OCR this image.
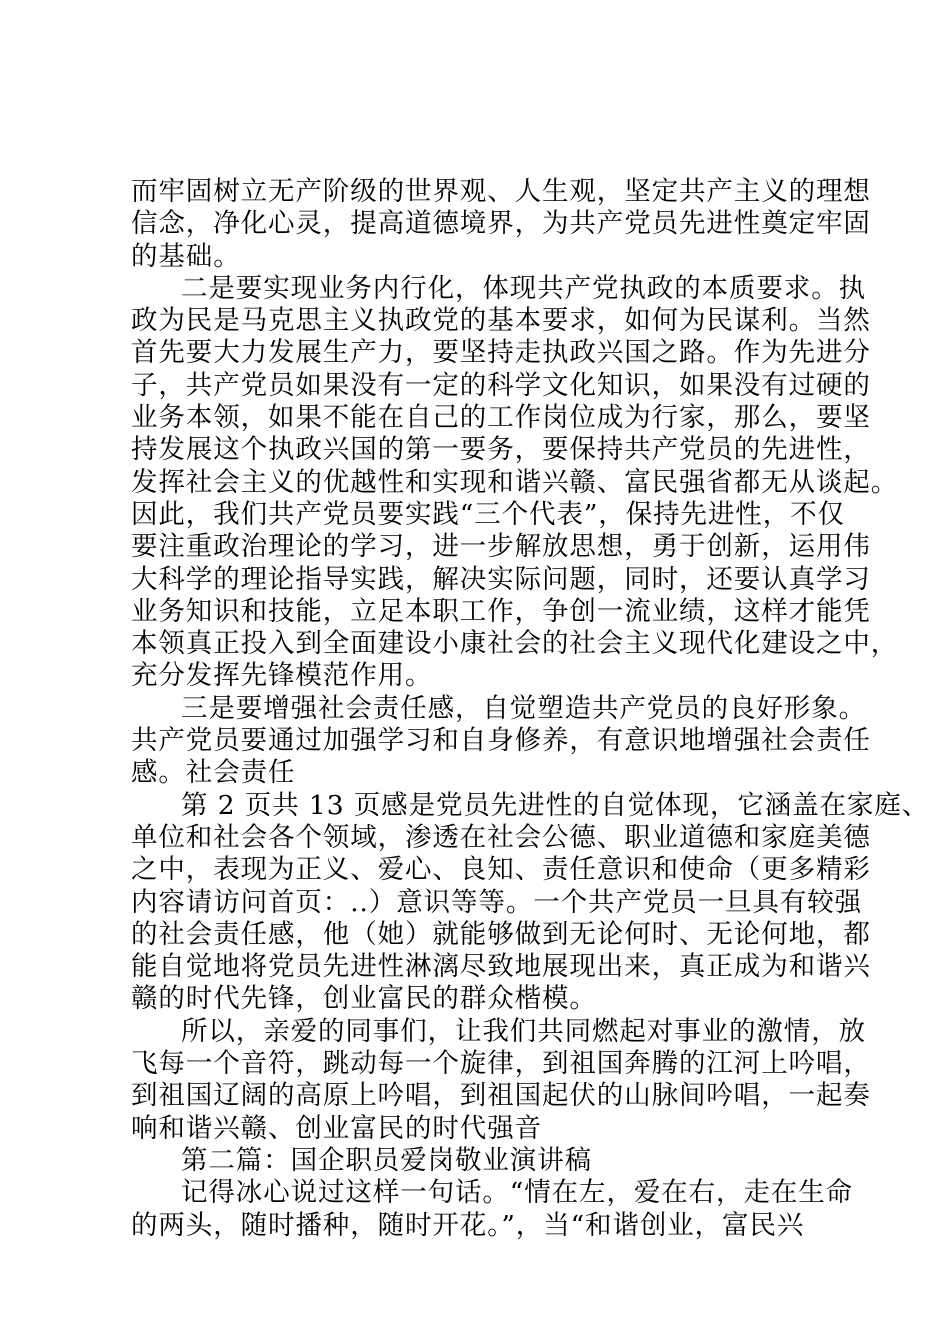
而牢固树立无产阶级的世界观、人生观，坚定共产主义的理想
信念，净化心灵，提高道德境界，为共产党员先进性奠定牢固
的基础。
二是要实现业务内行化，体现共产党执政的本质要求。执
政为民是马克思主义执政党的基本要求，如何为民谋利。当然
首先要大力发展生产力，要坚持走执政兴国之路。作为先进分
子，共产党员如果没有一定的科学文化知识，如果没有过硬的
业务本领，如果不能在自己的工作岗位成为行家，那么，要坚
持发展这个执政兴国的第一要务，要保持共产党员的先进性，
发挥社会主义的优越性和实现和谐兴赣、富民强省都无从谈起。
因此，我们共产党员要实践“三个代表”，保持先进性，不仅
要注重政治理论的学习，进一步解放思想，勇于创新，运用伟
大科学的理论指导实践，解决实际问题，同时，还要认真学习
业务知识和技能，立足本职工作，争创一流业绩，这样才能凭
本领真正投入到全面建设小康社会的社会主义现代化建设之中，
充分发挥先锋模范作用。
三是要增强社会责任感，自觉塑造共产党员的良好形象。
共产党员要通过加强学习和自身修养，有意识地增强社会责任
感。社会责任
第 2 页共 13 页感是党员先进性的自觉体现，它涵盖在家庭、
单位和社会各个领域，渗透在社会公德、职业道德和家庭美德
之中，表现为正义、爱心、良知、责任意识和使命（更多精彩
内容请访问首页：..）意识等等。一个共产党员一旦具有较强
的社会责任感，他（她）就能够做到无论何时、无论何地，都
能自觉地将党员先进性淋漓尽致地展现出来，真正成为和谐兴
赣的时代先锋，创业富民的群众楷模。
所以，亲爱的同事们，让我们共同燃起对事业的激情，放
飞每一个音符，跳动每一个旋律，到祖国奔腾的江河上吟唱，
到祖国辽阔的高原上吟唱，到祖国起伏的山脉间吟唱，一起奏
响和谐兴赣、创业富民的时代强音
第二篇：国企职员爱岗敬业演讲稿
记得冰心说过这样一句话。“情在左，爱在右，走在生命
的两头，随时播种，随时开花。”，当“和谐创业，富民兴
